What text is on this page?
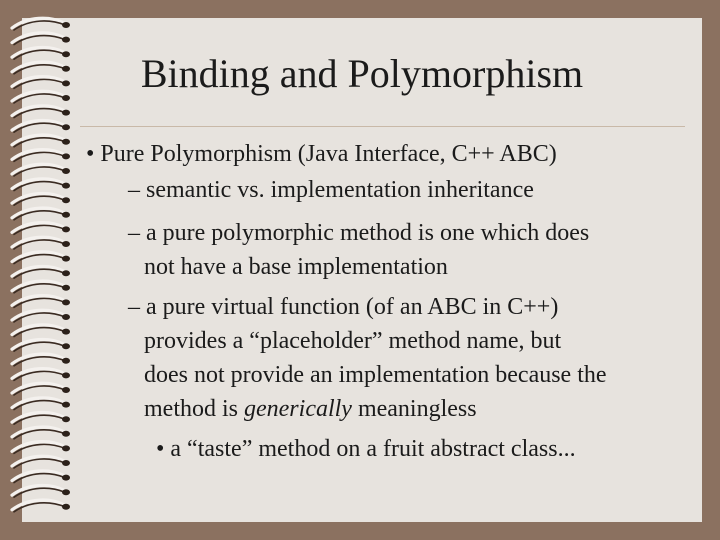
Binding and Polymorphism
• Pure Polymorphism (Java Interface, C++ ABC)
– semantic vs. implementation inheritance
– a pure polymorphic method is one which does
not have a base implementation
– a pure virtual function (of an ABC in C++)
provides a “placeholder” method name, but
does not provide an implementation because the
method is generically meaningless
• a “taste” method on a fruit abstract class...
